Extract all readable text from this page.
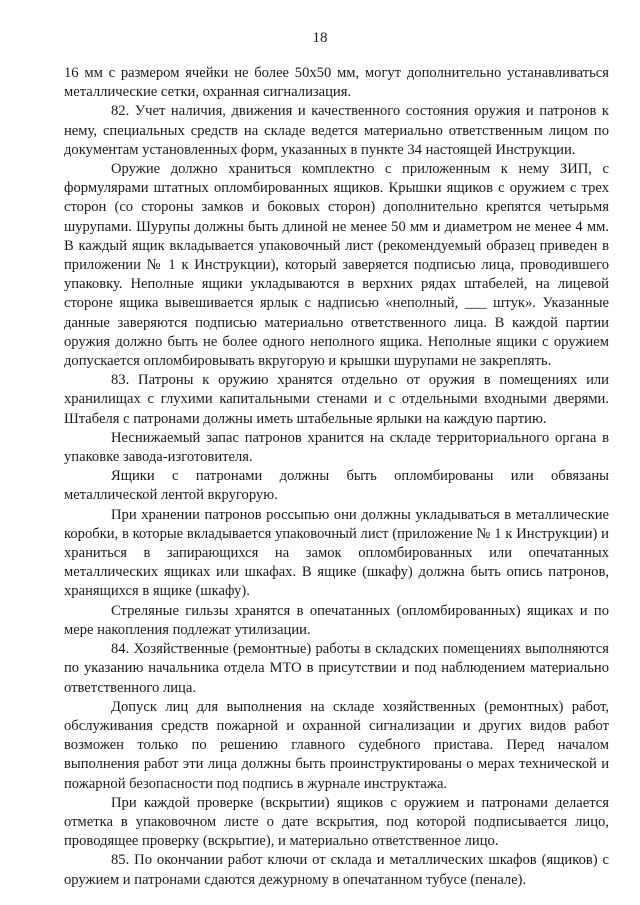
18

16 мм с размером ячейки не более 50х50 мм, могут дополнительно устанавливаться металлические сетки, охранная сигнализация.

82. Учет наличия, движения и качественного состояния оружия и патронов к нему, специальных средств на складе ведется материально ответственным лицом по документам установленных форм, указанных в пункте 34 настоящей Инструкции.

Оружие должно храниться комплектно с приложенным к нему ЗИП, с формулярами штатных опломбированных ящиков. Крышки ящиков с оружием с трех сторон (со стороны замков и боковых сторон) дополнительно крепятся четырьмя шурупами. Шурупы должны быть длиной не менее 50 мм и диаметром не менее 4 мм. В каждый ящик вкладывается упаковочный лист (рекомендуемый образец приведен в приложении № 1 к Инструкции), который заверяется подписью лица, проводившего упаковку. Неполные ящики укладываются в верхних рядах штабелей, на лицевой стороне ящика вывешивается ярлык с надписью «неполный, ___ штук». Указанные данные заверяются подписью материально ответственного лица. В каждой партии оружия должно быть не более одного неполного ящика. Неполные ящики с оружием допускается опломбировывать вкругорую и крышки шурупами не закреплять.

83. Патроны к оружию хранятся отдельно от оружия в помещениях или хранилищах с глухими капитальными стенами и с отдельными входными дверями. Штабеля с патронами должны иметь штабельные ярлыки на каждую партию.

Неснижаемый запас патронов хранится на складе территориального органа в упаковке завода-изготовителя.

Ящики с патронами должны быть опломбированы или обвязаны металлической лентой вкругорую.

При хранении патронов россыпью они должны укладываться в металлические коробки, в которые вкладывается упаковочный лист (приложение № 1 к Инструкции) и храниться в запирающихся на замок опломбированных или опечатанных металлических ящиках или шкафах. В ящике (шкафу) должна быть опись патронов, хранящихся в ящике (шкафу).

Стреляные гильзы хранятся в опечатанных (опломбированных) ящиках и по мере накопления подлежат утилизации.

84. Хозяйственные (ремонтные) работы в складских помещениях выполняются по указанию начальника отдела МТО в присутствии и под наблюдением материально ответственного лица.

Допуск лиц для выполнения на складе хозяйственных (ремонтных) работ, обслуживания средств пожарной и охранной сигнализации и других видов работ возможен только по решению главного судебного пристава. Перед началом выполнения работ эти лица должны быть проинструктированы о мерах технической и пожарной безопасности под подпись в журнале инструктажа.

При каждой проверке (вскрытии) ящиков с оружием и патронами делается отметка в упаковочном листе о дате вскрытия, под которой подписывается лицо, проводящее проверку (вскрытие), и материально ответственное лицо.

85. По окончании работ ключи от склада и металлических шкафов (ящиков) с оружием и патронами сдаются дежурному в опечатанном тубусе (пенале).
